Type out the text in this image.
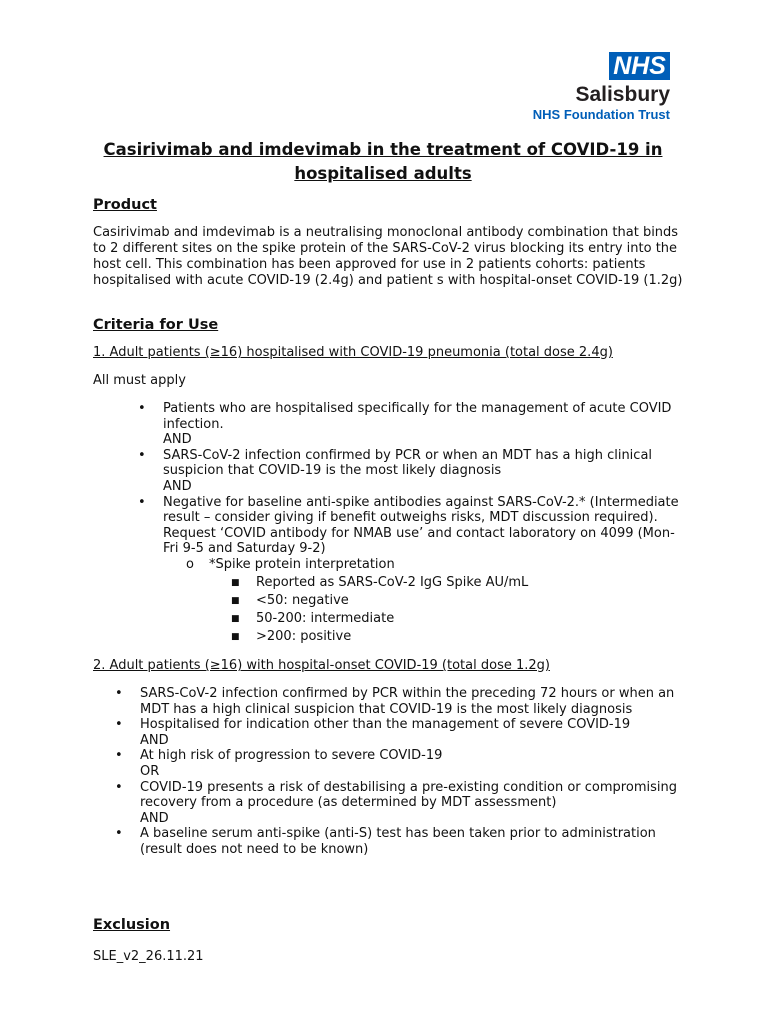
NHS
Salisbury
NHS Foundation Trust
Casirivimab and imdevimab in the treatment of COVID-19 in hospitalised adults
Product
Casirivimab and imdevimab is a neutralising monoclonal antibody combination that binds to 2 different sites on the spike protein of the SARS-CoV-2 virus blocking its entry into the host cell. This combination has been approved for use in 2 patients cohorts: patients hospitalised with acute COVID-19 (2.4g) and patient s with hospital-onset COVID-19 (1.2g)
Criteria for Use
1. Adult patients (≥16) hospitalised with COVID-19 pneumonia (total dose 2.4g)
All must apply
• Patients who are hospitalised specifically for the management of acute COVID infection.
AND
• SARS-CoV-2 infection confirmed by PCR or when an MDT has a high clinical suspicion that COVID-19 is the most likely diagnosis
AND
• Negative for baseline anti-spike antibodies against SARS-CoV-2.* (Intermediate result – consider giving if benefit outweighs risks, MDT discussion required). Request ‘COVID antibody for NMAB use’ and contact laboratory on 4099 (Mon-Fri 9-5 and Saturday 9-2)
o *Spike protein interpretation
■ Reported as SARS-CoV-2 IgG Spike AU/mL
■ <50: negative
■ 50-200: intermediate
■ >200: positive
2. Adult patients (≥16) with hospital-onset COVID-19 (total dose 1.2g)
• SARS-CoV-2 infection confirmed by PCR within the preceding 72 hours or when an MDT has a high clinical suspicion that COVID-19 is the most likely diagnosis
• Hospitalised for indication other than the management of severe COVID-19
AND
• At high risk of progression to severe COVID-19
OR
• COVID-19 presents a risk of destabilising a pre-existing condition or compromising recovery from a procedure (as determined by MDT assessment)
AND
• A baseline serum anti-spike (anti-S) test has been taken prior to administration (result does not need to be known)
Exclusion
SLE_v2_26.11.21
